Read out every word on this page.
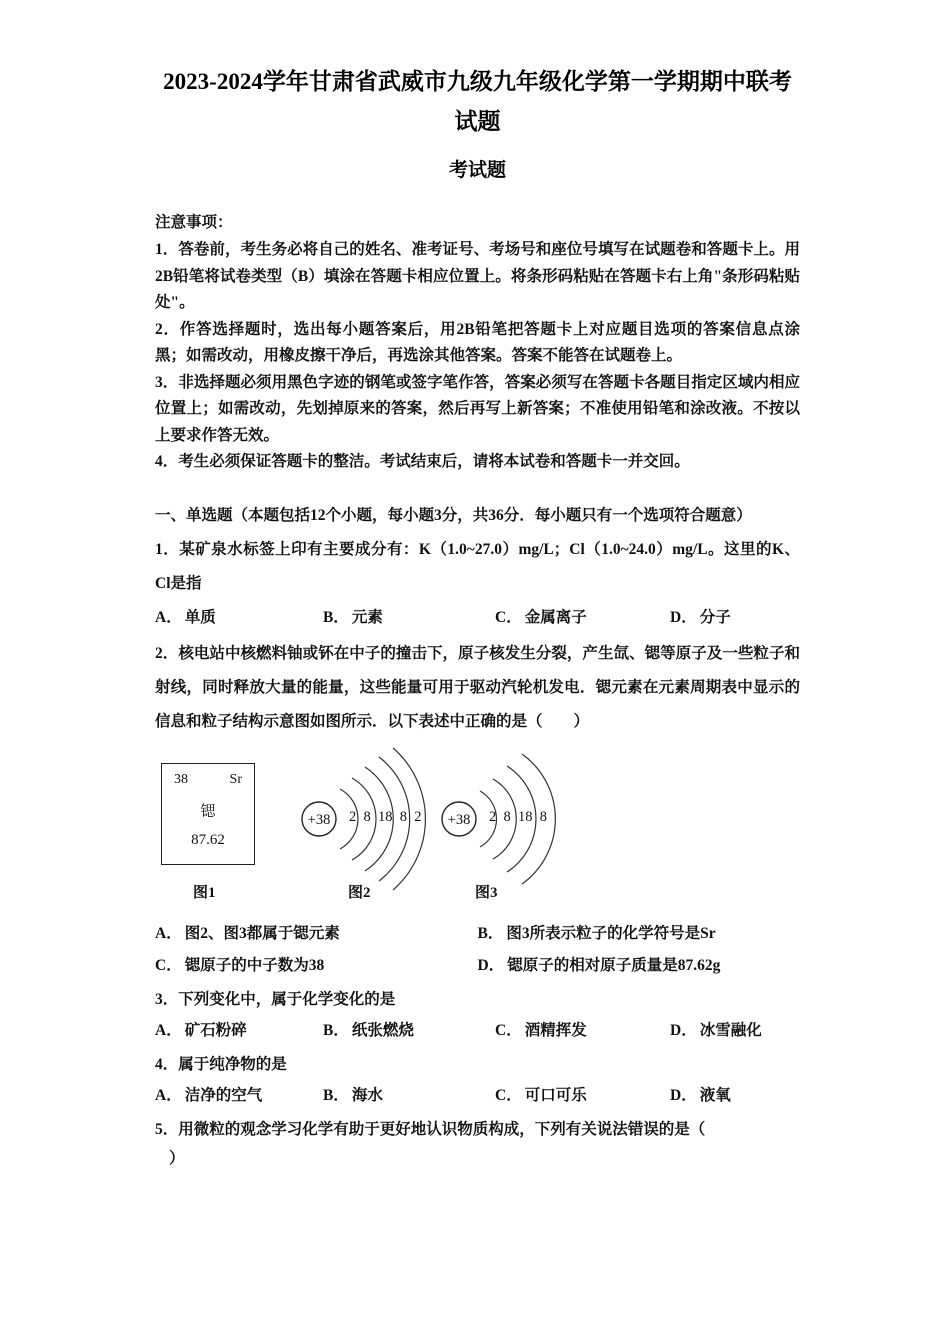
2023-2024学年甘肃省武威市九级九年级化学第一学期期中联考试题
考试题
注意事项：
1．答卷前，考生务必将自己的姓名、准考证号、考场号和座位号填写在试题卷和答题卡上。用2B铅笔将试卷类型（B）填涂在答题卡相应位置上。将条形码粘贴在答题卡右上角"条形码粘贴处"。
2．作答选择题时，选出每小题答案后，用2B铅笔把答题卡上对应题目选项的答案信息点涂黑；如需改动，用橡皮擦干净后，再选涂其他答案。答案不能答在试题卷上。
3．非选择题必须用黑色字迹的钢笔或签字笔作答，答案必须写在答题卡各题目指定区域内相应位置上；如需改动，先划掉原来的答案，然后再写上新答案；不准使用铅笔和涂改液。不按以上要求作答无效。
4．考生必须保证答题卡的整洁。考试结束后，请将本试卷和答题卡一并交回。
一、单选题（本题包括12个小题，每小题3分，共36分．每小题只有一个选项符合题意）
1．某矿泉水标签上印有主要成分有：K（1.0~27.0）mg/L；Cl（1.0~24.0）mg/L。这里的K、Cl是指
A． 单质	B． 元素	C． 金属离子	D． 分子
2．核电站中核燃料铀或钚在中子的撞击下，原子核发生分裂，产生氙、锶等原子及一些粒子和射线，同时释放大量的能量，这些能量可用于驱动汽轮机发电．锶元素在元素周期表中显示的信息和粒子结构示意图如图所示．以下表述中正确的是（　　）
38	Sr
锶
87.62
+38 2 8 18 8 2 +38 2 8 18 8
图1	图2	图3
A． 图2、图3都属于锶元素	B． 图3所表示粒子的化学符号是Sr
C． 锶原子的中子数为38	D． 锶原子的相对原子质量是87.62g
3．下列变化中，属于化学变化的是
A． 矿石粉碎	B． 纸张燃烧	C． 酒精挥发	D． 冰雪融化
4．属于纯净物的是
A． 洁净的空气	B． 海水	C． 可口可乐	D． 液氧
5．用微粒的观念学习化学有助于更好地认识物质构成，下列有关说法错误的是（
）
